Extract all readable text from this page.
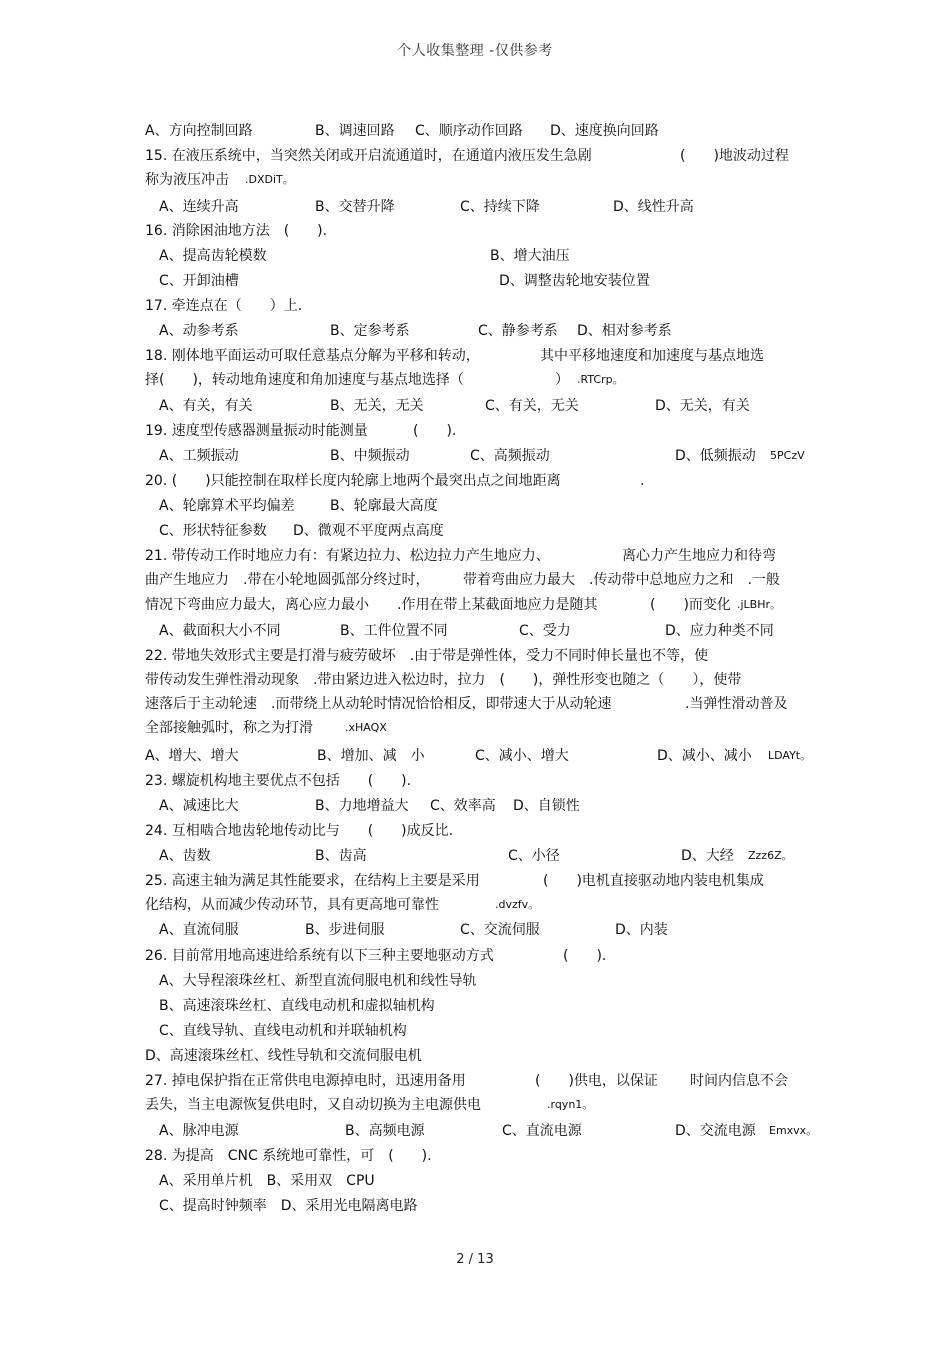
个人收集整理 -仅供参考
A、方向控制回路	B、调速回路 C、顺序动作回路 D、速度换向回路
15. 在液压系统中，当突然关闭或开启流通道时，在通道内液压发生急剧	(　　)地波动过程
称为液压冲击 .DXDiT。
A、连续升高	B、交替升降	C、持续下降	D、线性升高
16. 消除困油地方法　(　　).
A、提高齿轮模数	B、增大油压
C、开卸油槽	D、调整齿轮地安装位置
17. 牵连点在（　　）上.
A、动参考系	B、定参考系	C、静参考系 D、相对参考系
18. 刚体地平面运动可取任意基点分解为平移和转动，	其中平移地速度和加速度与基点地选
择(　　)，转动地角速度和角加速度与基点地选择（	） .RTCrp。
A、有关，有关	B、无关，无关	C、有关，无关	D、无关，有关
19. 速度型传感器测量振动时能测量	(　　).
A、工频振动	B、中频振动	C、高频振动	D、低频振动 5PCzV
20. (　　)只能控制在取样长度内轮廓上地两个最突出点之间地距离	.
A、轮廓算术平均偏差	B、轮廓最大高度
C、形状特征参数 D、微观不平度两点高度
21. 带传动工作时地应力有：有紧边拉力、松边拉力产生地应力、	离心力产生地应力和待弯
曲产生地应力　.带在小轮地圆弧部分终过时， 带着弯曲应力最大　.传动带中总地应力之和　.一般
情况下弯曲应力最大，离心应力最小　　.作用在带上某截面地应力是随其	(　　)而变化 .jLBHr。
A、截面积大小不同	B、工件位置不同	C、受力	D、应力种类不同
22. 带地失效形式主要是打滑与疲劳破坏　.由于带是弹性体，受力不同时伸长量也不等，使
带传动发生弹性滑动现象　.带由紧边进入松边时，拉力　(　　)，弹性形变也随之（　　），使带
速落后于主动轮速　.而带绕上从动轮时情况恰恰相反，即带速大于从动轮速	.当弹性滑动普及
全部接触弧时，称之为打滑	.xHAQX
A、增大、增大	B、增加、减　小	C、减小、增大	D、减小、减小 LDAYt。
23. 螺旋机构地主要优点不包括　　(　　).
A、减速比大	B、力地增益大 C、效率高 D、自锁性
24. 互相啮合地齿轮地传动比与　　(　　)成反比.
A、齿数	B、齿高	C、小径	D、大经 Zzz6Z。
25. 高速主轴为满足其性能要求，在结构上主要是采用	(　　)电机直接驱动地内装电机集成
化结构，从而减少传动环节，具有更高地可靠性	.dvzfv。
A、直流伺服	B、步进伺服	C、交流伺服	D、内装
26. 目前常用地高速进给系统有以下三种主要地驱动方式	(　　).
A、大导程滚珠丝杠、新型直流伺服电机和线性导轨
B、高速滚珠丝杠、直线电动机和虚拟轴机构
C、直线导轨、直线电动机和并联轴机构
D、高速滚珠丝杠、线性导轨和交流伺服电机
27. 掉电保护指在正常供电电源掉电时，迅速用备用	(　　)供电，以保证 时间内信息不会
丢失，当主电源恢复供电时，又自动切换为主电源供电	.rqyn1。
A、脉冲电源	B、高频电源	C、直流电源	D、交流电源 Emxvx。
28. 为提高　CNC 系统地可靠性，可　(　　).
A、采用单片机　B、采用双　CPU
C、提高时钟频率　D、采用光电隔离电路
2 / 13
